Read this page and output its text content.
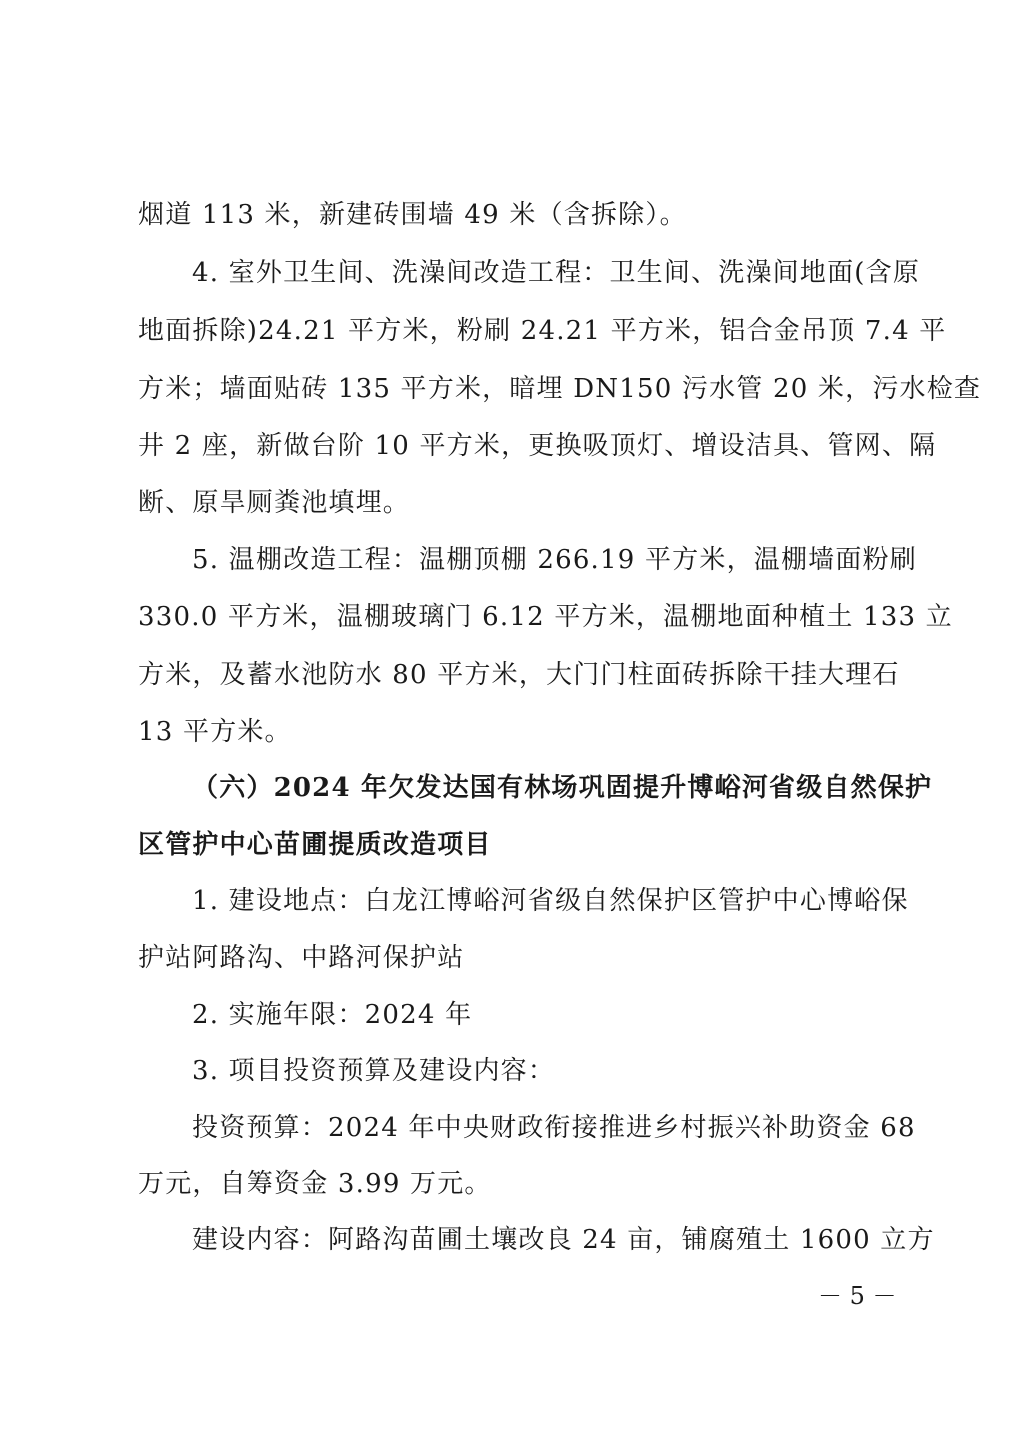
烟道 113 米，新建砖围墙 49 米（含拆除）。
4. 室外卫生间、洗澡间改造工程：卫生间、洗澡间地面(含原
地面拆除)24.21 平方米，粉刷 24.21 平方米，铝合金吊顶 7.4 平
方米；墙面贴砖 135 平方米，暗埋 DN150 污水管 20 米，污水检查
井 2 座，新做台阶 10 平方米，更换吸顶灯、增设洁具、管网、隔
断、原旱厕粪池填埋。
5. 温棚改造工程：温棚顶棚 266.19 平方米，温棚墙面粉刷
330.0 平方米，温棚玻璃门 6.12 平方米，温棚地面种植土 133 立
方米，及蓄水池防水 80 平方米，大门门柱面砖拆除干挂大理石
13 平方米。
（六）2024 年欠发达国有林场巩固提升博峪河省级自然保护
区管护中心苗圃提质改造项目
1. 建设地点：白龙江博峪河省级自然保护区管护中心博峪保
护站阿路沟、中路河保护站
2. 实施年限：2024 年
3. 项目投资预算及建设内容：
投资预算：2024 年中央财政衔接推进乡村振兴补助资金 68
万元，自筹资金 3.99 万元。
建设内容：阿路沟苗圃土壤改良 24 亩，铺腐殖土 1600 立方
－ 5 －
